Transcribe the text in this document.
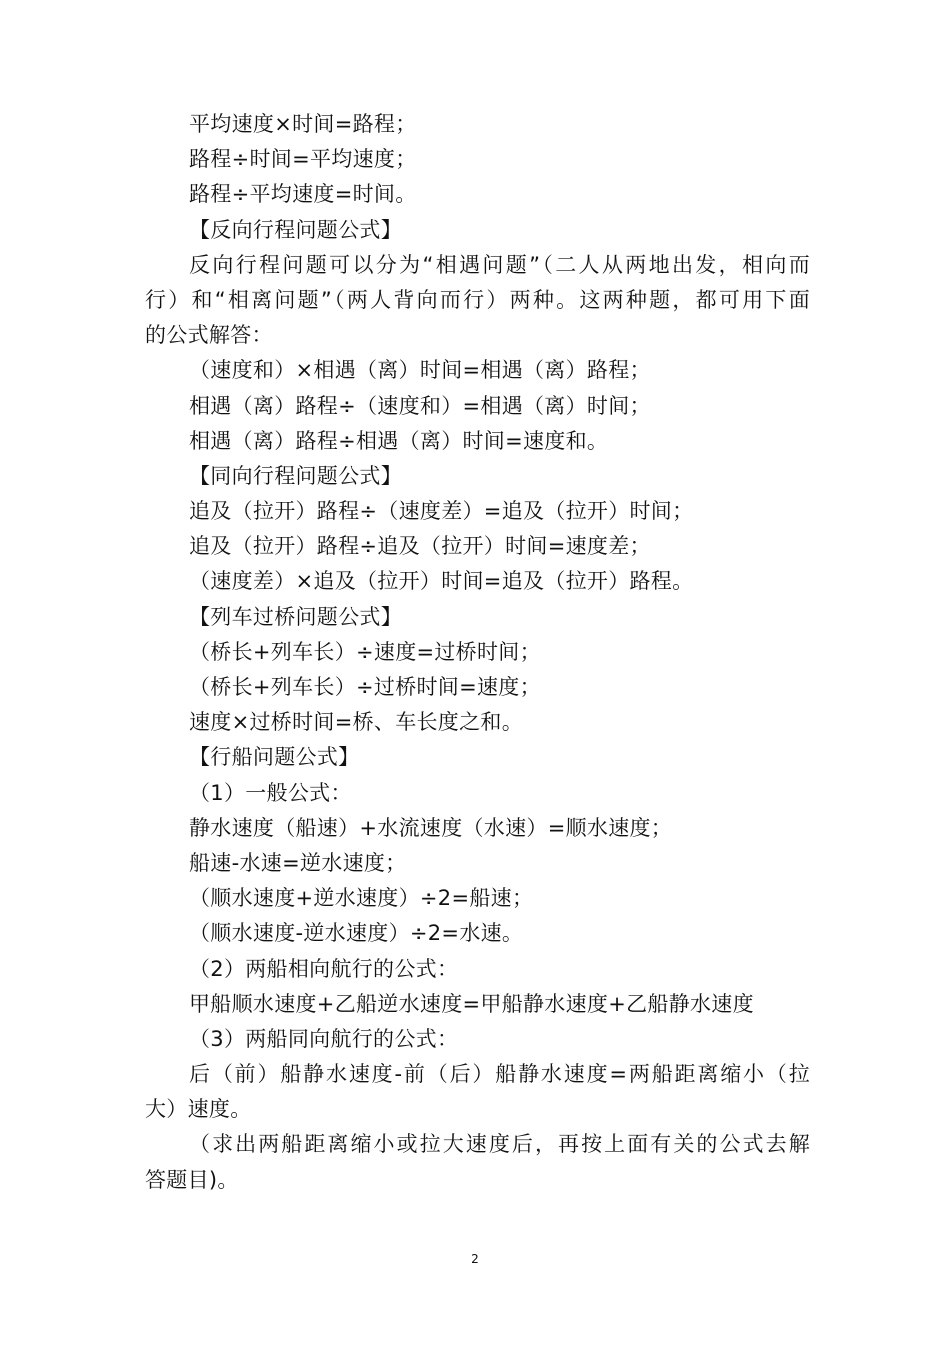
平均速度×时间=路程；
路程÷时间=平均速度；
路程÷平均速度=时间。
【反向行程问题公式】
反向行程问题可以分为“相遇问题”（二人从两地出发，相向而
行）和“相离问题”（两人背向而行）两种。这两种题，都可用下面
的公式解答：
（速度和）×相遇（离）时间=相遇（离）路程；
相遇（离）路程÷（速度和）=相遇（离）时间；
相遇（离）路程÷相遇（离）时间=速度和。
【同向行程问题公式】
追及（拉开）路程÷（速度差）=追及（拉开）时间；
追及（拉开）路程÷追及（拉开）时间=速度差；
（速度差）×追及（拉开）时间=追及（拉开）路程。
【列车过桥问题公式】
（桥长+列车长）÷速度=过桥时间；
（桥长+列车长）÷过桥时间=速度；
速度×过桥时间=桥、车长度之和。
【行船问题公式】
（1）一般公式：
静水速度（船速）+水流速度（水速）=顺水速度；
船速-水速=逆水速度；
（顺水速度+逆水速度）÷2=船速；
（顺水速度-逆水速度）÷2=水速。
（2）两船相向航行的公式：
甲船顺水速度+乙船逆水速度=甲船静水速度+乙船静水速度
（3）两船同向航行的公式：
后（前）船静水速度-前（后）船静水速度=两船距离缩小（拉
大）速度。
（求出两船距离缩小或拉大速度后，再按上面有关的公式去解
答题目)。
2
